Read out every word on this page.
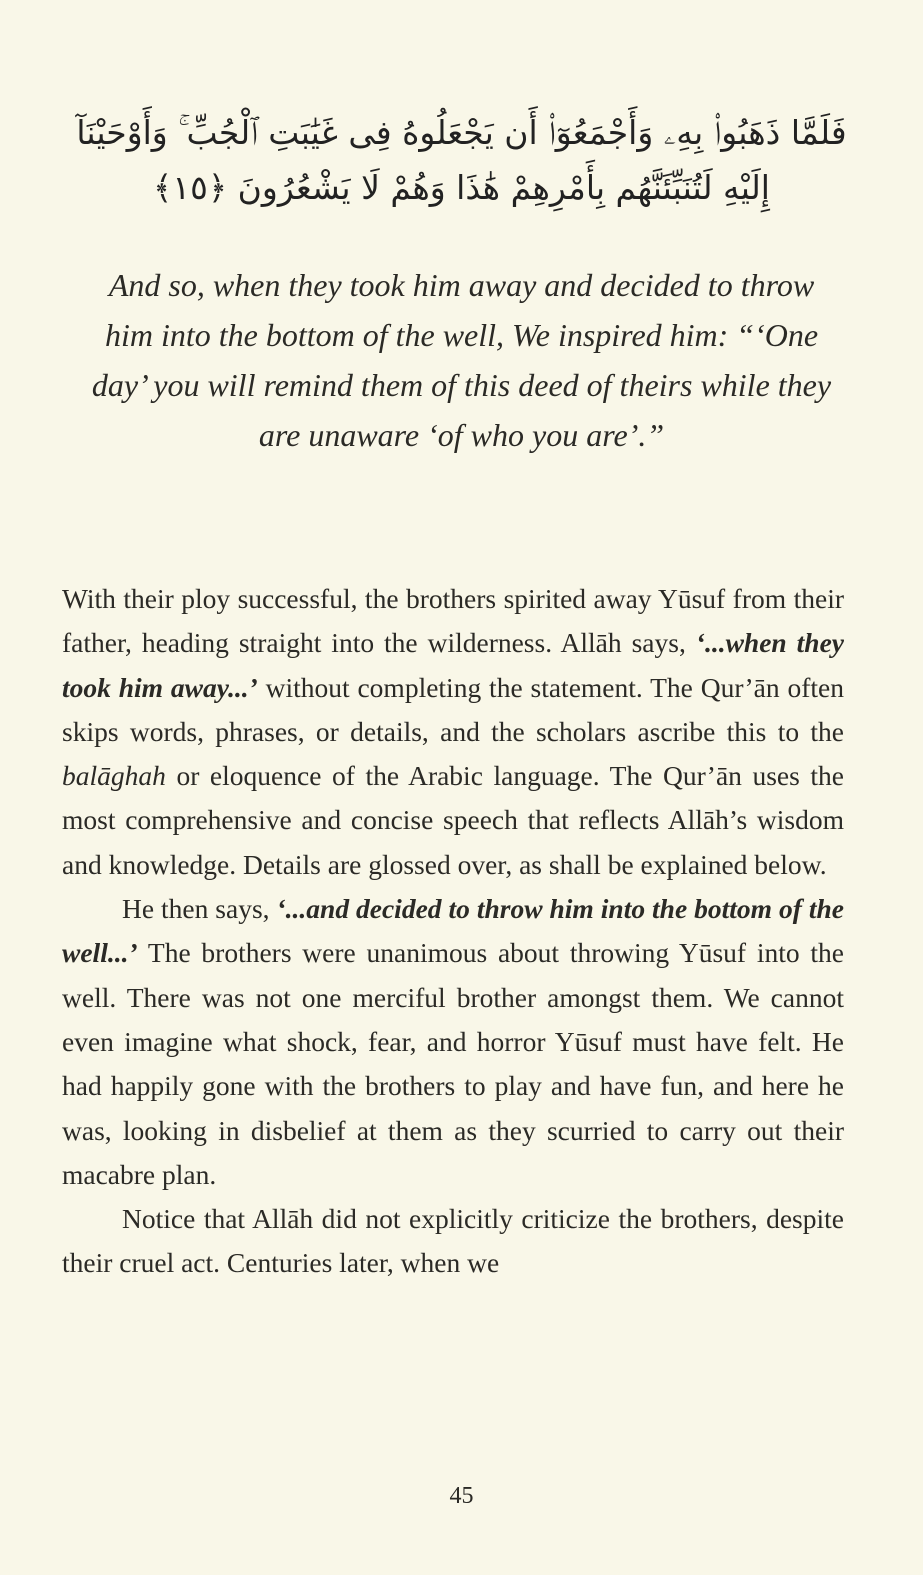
فَلَمَّا ذَهَبُوا۟ بِهِۦ وَأَجْمَعُوٓا۟ أَن يَجْعَلُوهُ فِى غَيَٰبَتِ ٱلْجُبِّ ۚ وَأَوْحَيْنَآ
إِلَيْهِ لَتُنَبِّئَنَّهُم بِأَمْرِهِمْ هَٰذَا وَهُمْ لَا يَشْعُرُونَ ﴿١٥﴾
And so, when they took him away and decided to throw him into the bottom of the well, We inspired him: “‘One day’ you will remind them of this deed of theirs while they are unaware ‘of who you are’.”

With their ploy successful, the brothers spirited away Yūsuf from their father, heading straight into the wilderness. Allāh says, ‘...when they took him away...’ without completing the statement. The Qur’ān often skips words, phrases, or details, and the scholars ascribe this to the balāghah or eloquence of the Arabic language. The Qur’ān uses the most comprehensive and concise speech that reflects Allāh’s wisdom and knowledge. Details are glossed over, as shall be explained below.

He then says, ‘...and decided to throw him into the bottom of the well...’ The brothers were unanimous about throwing Yūsuf into the well. There was not one merciful brother amongst them. We cannot even imagine what shock, fear, and horror Yūsuf must have felt. He had happily gone with the brothers to play and have fun, and here he was, looking in disbelief at them as they scurried to carry out their macabre plan.

Notice that Allāh did not explicitly criticize the brothers, despite their cruel act. Centuries later, when we

45
